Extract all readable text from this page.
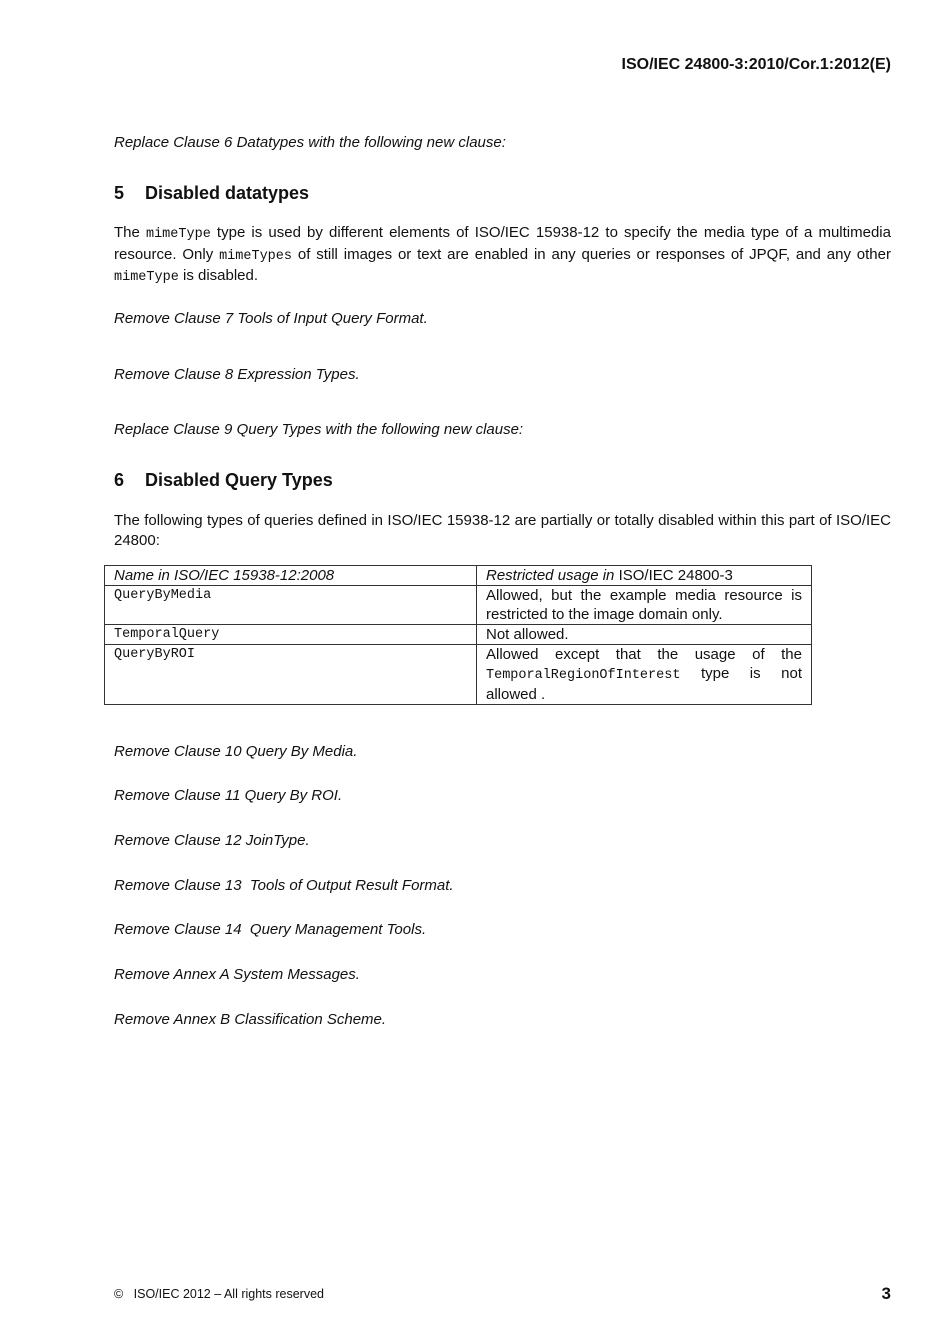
ISO/IEC 24800-3:2010/Cor.1:2012(E)
Replace Clause 6 Datatypes with the following new clause:
5 Disabled datatypes
The mimeType type is used by different elements of ISO/IEC 15938-12 to specify the media type of a multimedia resource. Only mimeTypes of still images or text are enabled in any queries or responses of JPQF, and any other mimeType is disabled.
Remove Clause 7 Tools of Input Query Format.
Remove Clause 8 Expression Types.
Replace Clause 9 Query Types with the following new clause:
6 Disabled Query Types
The following types of queries defined in ISO/IEC 15938-12 are partially or totally disabled within this part of ISO/IEC 24800:
Name in ISO/IEC 15938-12:2008	Restricted usage in ISO/IEC 24800-3
QueryByMedia	Allowed, but the example media resource is restricted to the image domain only.
TemporalQuery	Not allowed.
QueryByROI	Allowed except that the usage of the TemporalRegionOfInterest type is not allowed .
Remove Clause 10 Query By Media.
Remove Clause 11 Query By ROI.
Remove Clause 12 JoinType.
Remove Clause 13  Tools of Output Result Format.
Remove Clause 14  Query Management Tools.
Remove Annex A System Messages.
Remove Annex B Classification Scheme.
©   ISO/IEC 2012 – All rights reserved	3
